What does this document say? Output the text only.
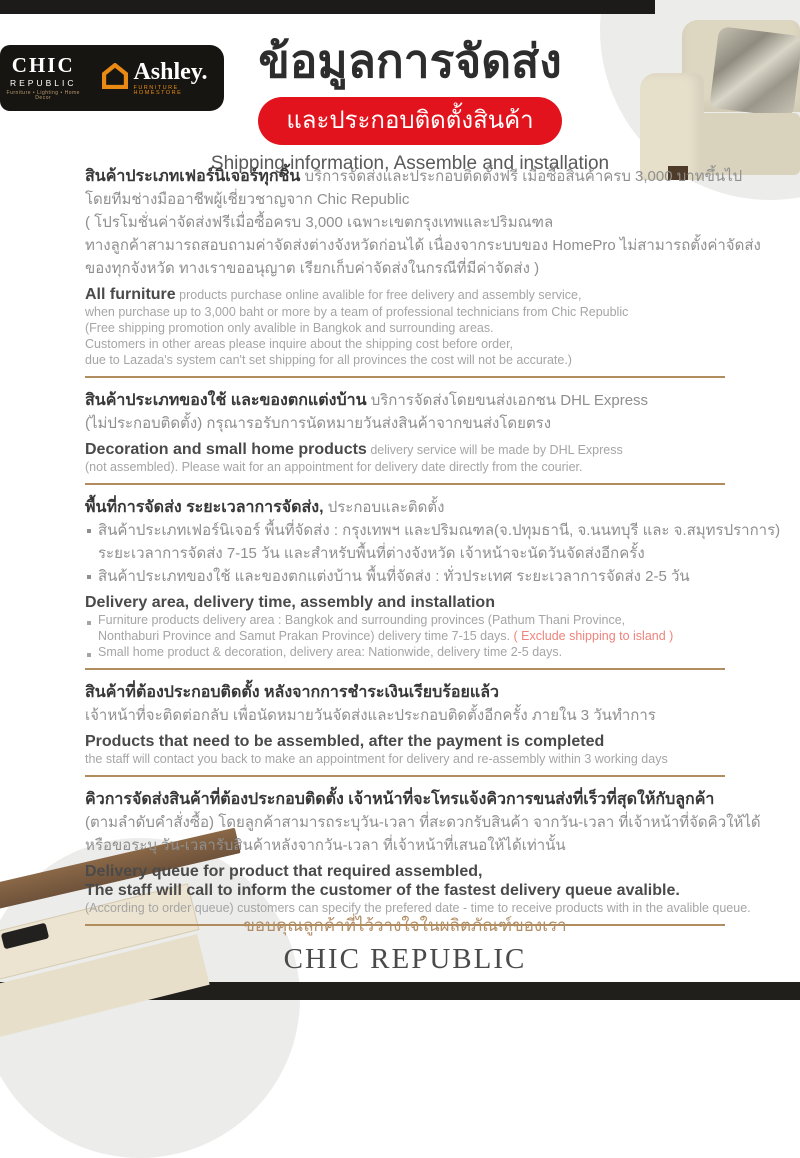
CHIC
REPUBLIC
Furniture • Lighting • Home Decor
Ashley.
FURNITURE HOMESTORE
ข้อมูลการจัดส่ง
และประกอบติดตั้งสินค้า
Shipping information, Assemble and installation
สินค้าประเภทเฟอร์นิเจอร์ทุกชิ้น บริการจัดส่งและประกอบติดตั้งฟรี เมื่อซื้อสินค้าครบ 3,000 บาทขึ้นไป
โดยทีมช่างมืออาชีพผู้เชี่ยวชาญจาก Chic Republic
( โปรโมชั่นค่าจัดส่งฟรีเมื่อซื้อครบ 3,000 เฉพาะเขตกรุงเทพและปริมณฑล
ทางลูกค้าสามารถสอบถามค่าจัดส่งต่างจังหวัดก่อนได้ เนื่องจากระบบของ HomePro ไม่สามารถตั้งค่าจัดส่ง
ของทุกจังหวัด ทางเราขออนุญาต เรียกเก็บค่าจัดส่งในกรณีที่มีค่าจัดส่ง )
All furniture products purchase online avalible for free delivery and assembly service,
when purchase up to 3,000 baht or more by a team of professional technicians from Chic Republic
(Free shipping promotion only avalible in Bangkok and surrounding areas.
Customers in other areas please inquire about the shipping cost before order,
due to Lazada's system can't set shipping for all provinces the cost will not be accurate.)
สินค้าประเภทของใช้ และของตกแต่งบ้าน บริการจัดส่งโดยขนส่งเอกชน DHL Express
(ไม่ประกอบติดตั้ง) กรุณารอรับการนัดหมายวันส่งสินค้าจากขนส่งโดยตรง
Decoration and small home products delivery service will be made by DHL Express
(not assembled). Please wait for an appointment for delivery date directly from the courier.
พื้นที่การจัดส่ง ระยะเวลาการจัดส่ง, ประกอบและติดตั้ง
สินค้าประเภทเฟอร์นิเจอร์ พื้นที่จัดส่ง : กรุงเทพฯ และปริมณฑล(จ.ปทุมธานี, จ.นนทบุรี และ จ.สมุทรปราการ)
ระยะเวลาการจัดส่ง 7-15 วัน และสำหรับพื้นที่ต่างจังหวัด เจ้าหน้าจะนัดวันจัดส่งอีกครั้ง
สินค้าประเภทของใช้ และของตกแต่งบ้าน พื้นที่จัดส่ง : ทั่วประเทศ ระยะเวลาการจัดส่ง 2-5 วัน
Delivery area, delivery time, assembly and installation
Furniture products delivery area : Bangkok and surrounding provinces (Pathum Thani Province,
Nonthaburi Province and Samut Prakan Province) delivery time 7-15 days. ( Exclude shipping to island )
Small home product & decoration, delivery area: Nationwide, delivery time 2-5 days.
สินค้าที่ต้องประกอบติดตั้ง หลังจากการชำระเงินเรียบร้อยแล้ว
เจ้าหน้าที่จะติดต่อกลับ เพื่อนัดหมายวันจัดส่งและประกอบติดตั้งอีกครั้ง ภายใน 3 วันทำการ
Products that need to be assembled, after the payment is completed
the staff will contact you back to make an appointment for delivery and re-assembly within 3 working days
คิวการจัดส่งสินค้าที่ต้องประกอบติดตั้ง เจ้าหน้าที่จะโทรแจ้งคิวการขนส่งที่เร็วที่สุดให้กับลูกค้า
(ตามลำดับคำสั่งซื้อ) โดยลูกค้าสามารถระบุวัน-เวลา ที่สะดวกรับสินค้า จากวัน-เวลา ที่เจ้าหน้าที่จัดคิวให้ได้
หรือขอระบุ วัน-เวลารับสินค้าหลังจากวัน-เวลา ที่เจ้าหน้าที่เสนอให้ได้เท่านั้น
Delivery queue for product that required assembled,
The staff will call to inform the customer of the fastest delivery queue avalible.
(According to order queue) customers can specify the prefered date - time to receive products with in the avalible queue.
ขอบคุณลูกค้าที่ไว้วางใจในผลิตภัณฑ์ของเรา
CHIC REPUBLIC
